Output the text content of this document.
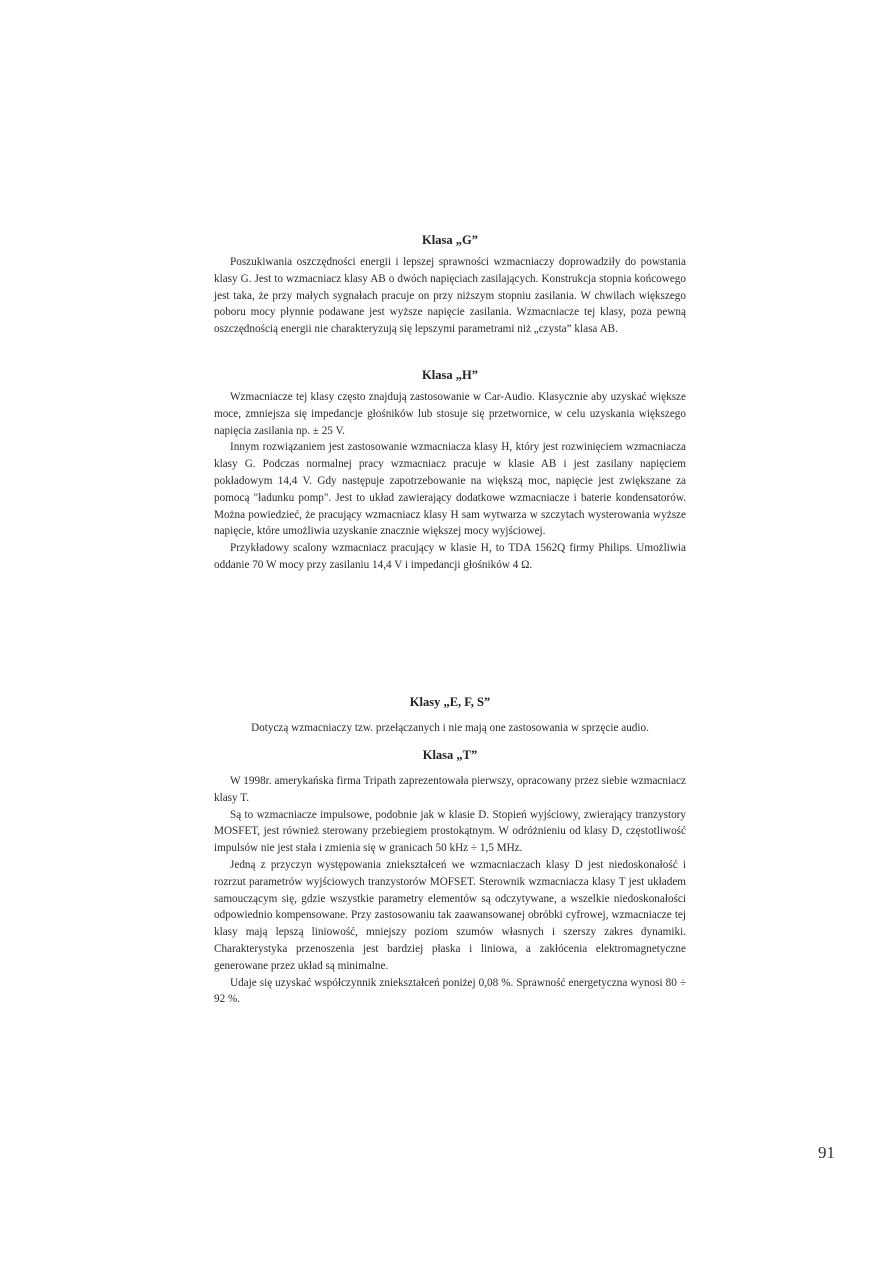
Klasa „G”

Poszukiwania oszczędności energii i lepszej sprawności wzmacniaczy doprowadziły do powstania klasy G. Jest to wzmacniacz klasy AB o dwóch napięciach zasilających. Konstrukcja stopnia końcowego jest taka, że przy małych sygnałach pracuje on przy niższym stopniu zasilania. W chwilach większego poboru mocy płynnie podawane jest wyższe napięcie zasilania. Wzmacniacze tej klasy, poza pewną oszczędnością energii nie charakteryzują się lepszymi parametrami niż „czysta” klasa AB.

Klasa „H”

Wzmacniacze tej klasy często znajdują zastosowanie w Car-Audio. Klasycznie aby uzyskać większe moce, zmniejsza się impedancje głośników lub stosuje się przetwornice, w celu uzyskania większego napięcia zasilania np. ± 25 V.

Innym rozwiązaniem jest zastosowanie wzmacniacza klasy H, który jest rozwinięciem wzmacniacza klasy G. Podczas normalnej pracy wzmacniacz pracuje w klasie AB i jest zasilany napięciem pokładowym 14,4 V. Gdy następuje zapotrzebowanie na większą moc, napięcie jest zwiększane za pomocą "ładunku pomp". Jest to układ zawierający dodatkowe wzmacniacze i baterie kondensatorów. Można powiedzieć, że pracujący wzmacniacz klasy H sam wytwarza w szczytach wysterowania wyższe napięcie, które umożliwia uzyskanie znacznie większej mocy wyjściowej.

Przykładowy scalony wzmacniacz pracujący w klasie H, to TDA 1562Q firmy Philips. Umożliwia oddanie 70 W mocy przy zasilaniu 14,4 V i impedancji głośników 4 Ω.

Klasy „E, F, S”

Dotyczą wzmacniaczy tzw. przełączanych i nie mają one zastosowania w sprzęcie audio.

Klasa „T”

W 1998r. amerykańska firma Tripath zaprezentowała pierwszy, opracowany przez siebie wzmacniacz klasy T.

Są to wzmacniacze impulsowe, podobnie jak w klasie D. Stopień wyjściowy, zwierający tranzystory MOSFET, jest również sterowany przebiegiem prostokątnym. W odróżnieniu od klasy D, częstotliwość impulsów nie jest stała i zmienia się w granicach 50 kHz ÷ 1,5 MHz.

Jedną z przyczyn występowania zniekształceń we wzmacniaczach klasy D jest niedoskonałość i rozrzut parametrów wyjściowych tranzystorów MOFSET. Sterownik wzmacniacza klasy T jest układem samouczącym się, gdzie wszystkie parametry elementów są odczytywane, a wszelkie niedoskonałości odpowiednio kompensowane. Przy zastosowaniu tak zaawansowanej obróbki cyfrowej, wzmacniacze tej klasy mają lepszą liniowość, mniejszy poziom szumów własnych i szerszy zakres dynamiki. Charakterystyka przenoszenia jest bardziej płaska i liniowa, a zakłócenia elektromagnetyczne generowane przez układ są minimalne.

Udaje się uzyskać współczynnik zniekształceń poniżej 0,08 %. Sprawność energetyczna wynosi 80 ÷ 92 %.

91
